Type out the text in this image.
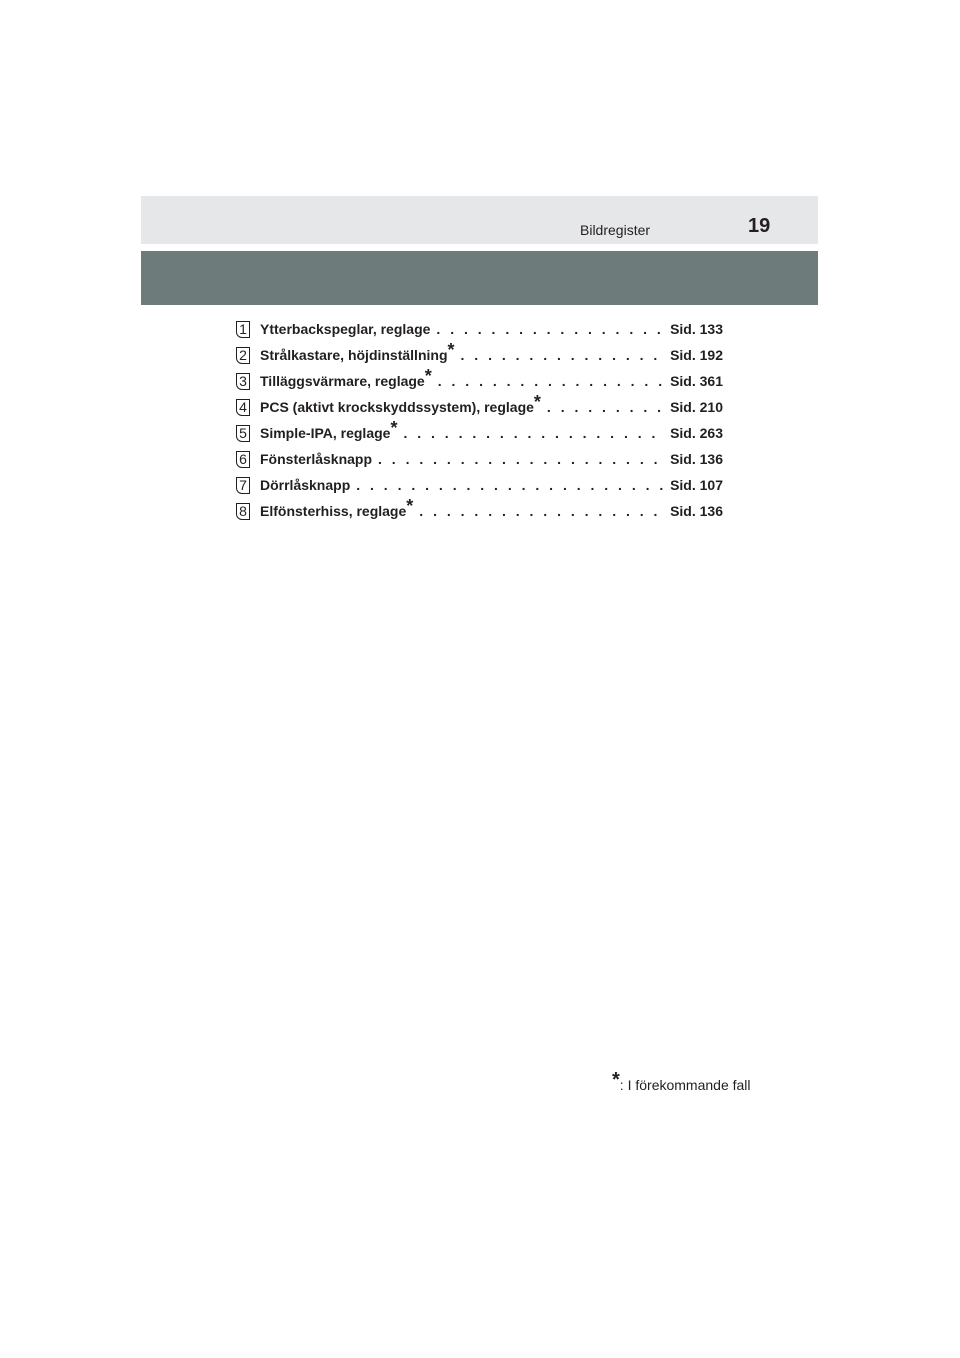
Bildregister	19
1 Ytterbackspeglar, reglage . . .	Sid. 133
2 Strålkastare, höjdinställning* . . .	Sid. 192
3 Tilläggsvärmare, reglage* . . .	Sid. 361
4 PCS (aktivt krockskyddssystem), reglage* . . .	Sid. 210
5 Simple-IPA, reglage* . . .	Sid. 263
6 Fönsterlåsknapp . . .	Sid. 136
7 Dörrlåsknapp . . .	Sid. 107
8 Elfönsterhiss, reglage* . . .	Sid. 136
*: I förekommande fall
